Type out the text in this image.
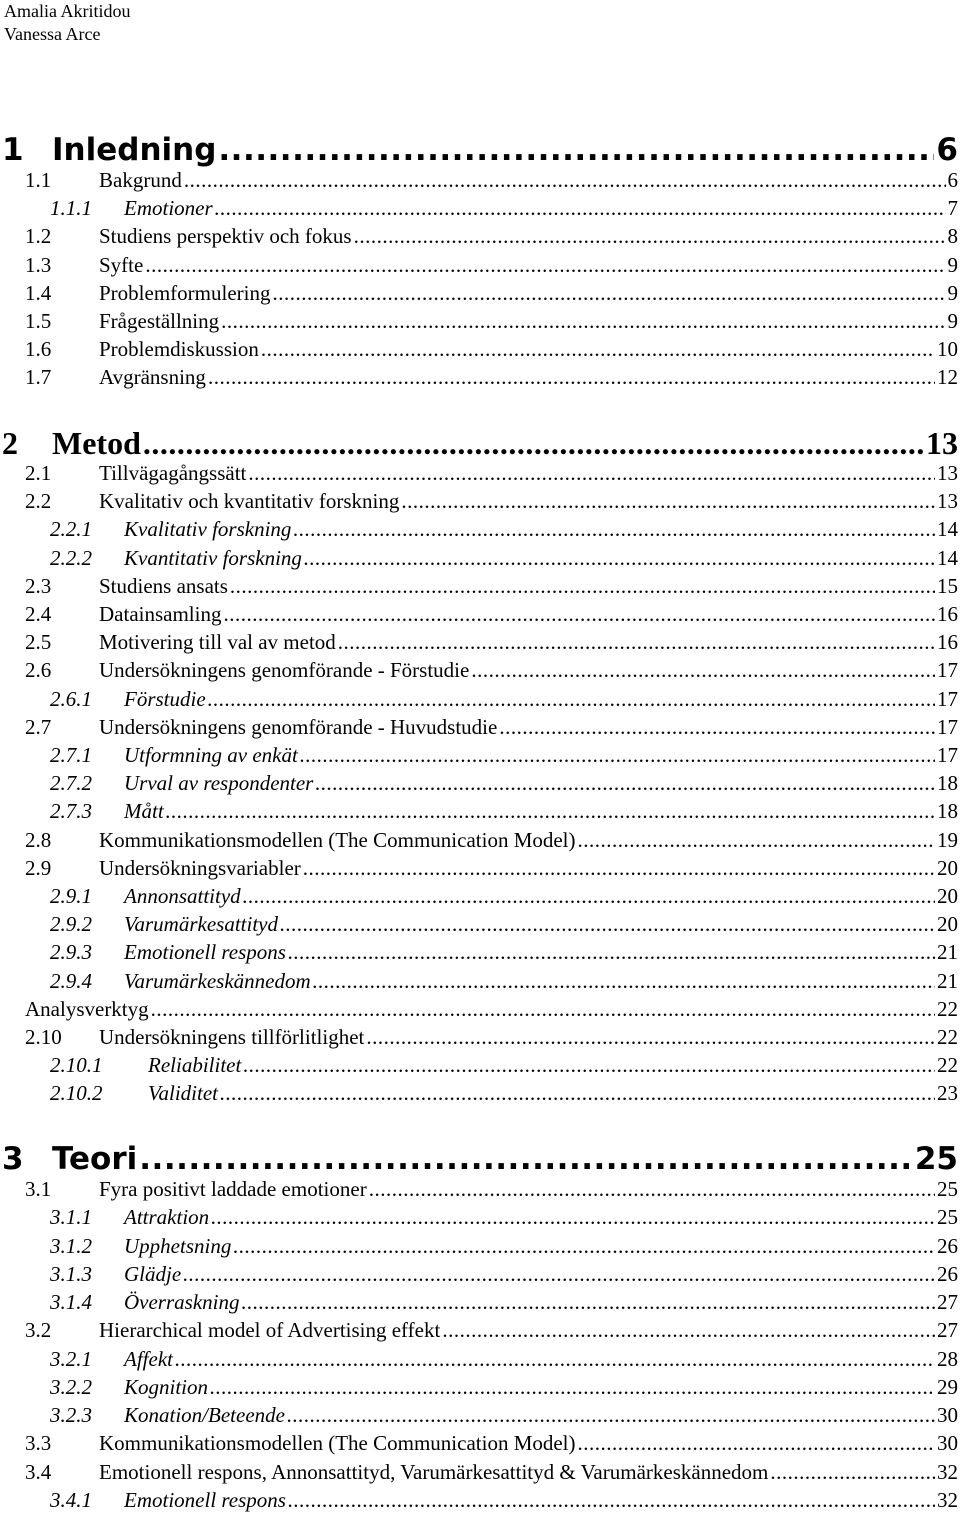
Amalia Akritidou
Vanessa Arce
1 Inledning .....	6
1.1	Bakgrund .....	6
1.1.1	Emotioner .....	7
1.2	Studiens perspektiv och fokus .....	8
1.3	Syfte .....	9
1.4	Problemformulering .....	9
1.5	Frågeställning .....	9
1.6	Problemdiskussion .....	10
1.7	Avgränsning .....	12
2	Metod .....	13
2.1	Tillvägagångssätt .....	13
2.2	Kvalitativ och kvantitativ forskning .....	13
2.2.1	Kvalitativ forskning .....	14
2.2.2	Kvantitativ forskning .....	14
2.3	Studiens ansats .....	15
2.4	Datainsamling .....	16
2.5	Motivering till val av metod .....	16
2.6	Undersökningens genomförande - Förstudie .....	17
2.6.1	Förstudie .....	17
2.7	Undersökningens genomförande - Huvudstudie .....	17
2.7.1	Utformning av enkät .....	17
2.7.2	Urval av respondenter .....	18
2.7.3	Mått .....	18
2.8	Kommunikationsmodellen (The Communication Model) .....	19
2.9	Undersökningsvariabler .....	20
2.9.1	Annonsattityd .....	20
2.9.2	Varumärkesattityd .....	20
2.9.3	Emotionell respons .....	21
2.9.4	Varumärkeskännedom .....	21
Analysverktyg .....	22
2.10	Undersökningens tillförlitlighet .....	22
2.10.1	Reliabilitet .....	22
2.10.2	Validitet .....	23
3 Teori .....	25
3.1	Fyra positivt laddade emotioner .....	25
3.1.1	Attraktion .....	25
3.1.2	Upphetsning .....	26
3.1.3	Glädje .....	26
3.1.4	Överraskning .....	27
3.2	Hierarchical model of Advertising effekt .....	27
3.2.1	Affekt .....	28
3.2.2	Kognition .....	29
3.2.3	Konation/Beteende .....	30
3.3	Kommunikationsmodellen (The Communication Model) .....	30
3.4	Emotionell respons, Annonsattityd, Varumärkesattityd & Varumärkeskännedom .....	32
3.4.1	Emotionell respons .....	32
